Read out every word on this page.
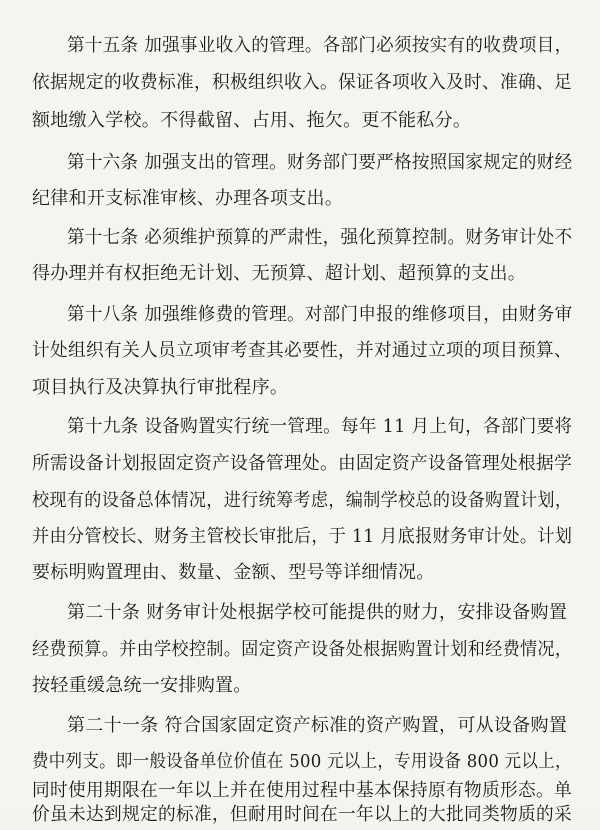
第十五条 加强事业收入的管理。各部门必须按实有的收费项目，
依据规定的收费标准，积极组织收入。保证各项收入及时、准确、足
额地缴入学校。不得截留、占用、拖欠。更不能私分。
第十六条 加强支出的管理。财务部门要严格按照国家规定的财经
纪律和开支标准审核、办理各项支出。
第十七条 必须维护预算的严肃性，强化预算控制。财务审计处不
得办理并有权拒绝无计划、无预算、超计划、超预算的支出。
第十八条 加强维修费的管理。对部门申报的维修项目，由财务审
计处组织有关人员立项审考查其必要性，并对通过立项的项目预算、
项目执行及决算执行审批程序。
第十九条 设备购置实行统一管理。每年 11 月上旬，各部门要将
所需设备计划报固定资产设备管理处。由固定资产设备管理处根据学
校现有的设备总体情况，进行统筹考虑，编制学校总的设备购置计划，
并由分管校长、财务主管校长审批后，于 11 月底报财务审计处。计划
要标明购置理由、数量、金额、型号等详细情况。
第二十条 财务审计处根据学校可能提供的财力，安排设备购置
经费预算。并由学校控制。固定资产设备处根据购置计划和经费情况，
按轻重缓急统一安排购置。
第二十一条 符合国家固定资产标准的资产购置，可从设备购置
费中列支。即一般设备单位价值在 500 元以上，专用设备 800 元以上，
同时使用期限在一年以上并在使用过程中基本保持原有物质形态。单
价虽未达到规定的标准，但耐用时间在一年以上的大批同类物质的采
